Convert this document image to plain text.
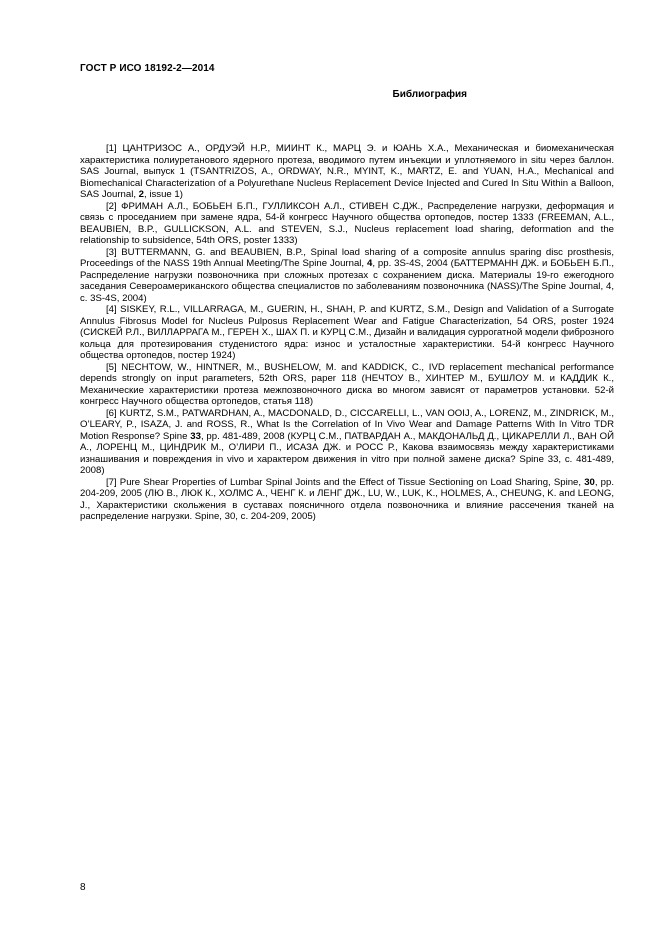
ГОСТ Р ИСО 18192-2—2014
Библиография

[1] ЦАНТРИЗОС А., ОРДУЭЙ Н.Р., МИИНТ К., МАРЦ Э. и ЮАНЬ Х.А., Механическая и биомеханическая характеристика полиуретанового ядерного протеза, вводимого путем инъекции и уплотняемого in situ через баллон. SAS Journal, выпуск 1 (TSANTRIZOS, A., ORDWAY, N.R., MYINT, K., MARTZ, E. and YUAN, H.A., Mechanical and Biomechanical Characterization of a Polyurethane Nucleus Replacement Device Injected and Cured In Situ Within a Balloon, SAS Journal, 2, issue 1)

[2] ФРИМАН А.Л., БОБЬЕН Б.П., ГУЛЛИКСОН А.Л., СТИВЕН С.ДЖ., Распределение нагрузки, деформация и связь с проседанием при замене ядра, 54-й конгресс Научного общества ортопедов, постер 1333 (FREEMAN, A.L., BEAUBIEN, B.P., GULLICKSON, A.L. and STEVEN, S.J., Nucleus replacement load sharing, deformation and the relationship to subsidence, 54th ORS, poster 1333)

[3] BUTTERMANN, G. and BEAUBIEN, B.P., Spinal load sharing of a composite annulus sparing disc prosthesis, Proceedings of the NASS 19th Annual Meeting/The Spine Journal, 4, pp. 3S-4S, 2004 (БАТТЕРМАНН ДЖ. и БОБЬЕН Б.П., Распределение нагрузки позвоночника при сложных протезах с сохранением диска. Материалы 19-го ежегодного заседания Североамериканского общества специалистов по заболеваниям позвоночника (NASS)/The Spine Journal, 4, с. 3S-4S, 2004)

[4] SISKEY, R.L., VILLARRAGA, M., GUERIN, H., SHAH, P. and KURTZ, S.M., Design and Validation of a Surrogate Annulus Fibrosus Model for Nucleus Pulposus Replacement Wear and Fatigue Characterization, 54 ORS, poster 1924 (СИСКЕЙ Р.Л., ВИЛЛАРРАГА М., ГЕРЕН Х., ШАХ П. и КУРЦ С.М., Дизайн и валидация суррогатной модели фиброзного кольца для протезирования студенистого ядра: износ и усталостные характеристики. 54-й конгресс Научного общества ортопедов, постер 1924)

[5] NECHTOW, W., HINTNER, M., BUSHELOW, M. and KADDICK, C., IVD replacement mechanical performance depends strongly on input parameters, 52th ORS, paper 118 (НЕЧТОУ В., ХИНТЕР М., БУШЛОУ М. и КАДДИК К., Механические характеристики протеза межпозвоночного диска во многом зависят от параметров установки. 52-й конгресс Научного общества ортопедов, статья 118)

[6] KURTZ, S.M., PATWARDHAN, A., MACDONALD, D., CICCARELLI, L., VAN OOIJ, A., LORENZ, M., ZINDRICK, M., O’LEARY, P., ISAZA, J. and ROSS, R., What Is the Correlation of In Vivo Wear and Damage Patterns With In Vitro TDR Motion Response? Spine 33, pp. 481-489, 2008 (КУРЦ С.М., ПАТВАРДАН А., МАКДОНАЛЬД Д., ЦИКАРЕЛЛИ Л., ВАН ОЙ А., ЛОРЕНЦ М., ЦИНДРИК М., О’ЛИРИ П., ИСАЗА ДЖ. и РОСС Р., Какова взаимосвязь между характеристиками изнашивания и повреждения in vivo и характером движения in vitro при полной замене диска? Spine 33, с. 481-489, 2008)

[7] Pure Shear Properties of Lumbar Spinal Joints and the Effect of Tissue Sectioning on Load Sharing, Spine, 30, pp. 204-209, 2005 (ЛЮ В., ЛЮК К., ХОЛМС А., ЧЕНГ К. и ЛЕНГ ДЖ., LU, W., LUK, K., HOLMES, A., CHEUNG, K. and LEONG, J., Характеристики скольжения в суставах поясничного отдела позвоночника и влияние рассечения тканей на распределение нагрузки. Spine, 30, с. 204-209, 2005)

8
